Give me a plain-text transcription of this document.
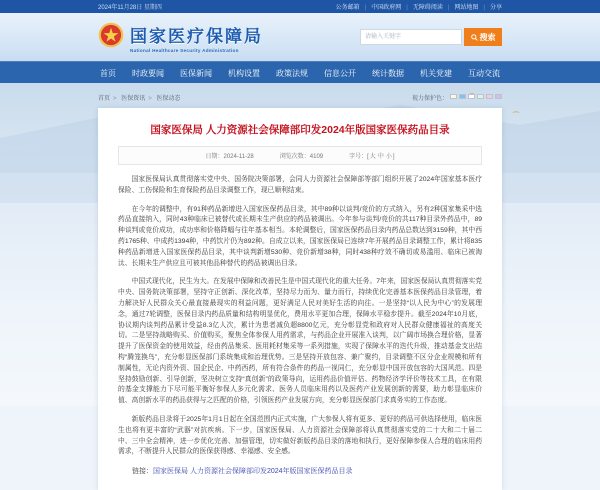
2024年11月28日 星期四	公务邮箱 |	中国政府网 |	无障碍阅读 |	网站地图 |	分享
国家医疗保障局
National Healthcare Security Administration
请输入关键字
搜索
首页 时政要闻 医保新闻 机构设置 政策法规 信息公开 统计数据 机关党建 互动交流
首页 > 医保资讯 > 医保动态	视力保护色：
国家医保局 人力资源社会保障部印发2024年版国家医保药品目录
日期：2024-11-28	浏览次数：4109	字号：[大 中 小]

国家医保局认真贯彻落实党中央、国务院决策部署，会同人力资源社会保障部等部门组织开展了2024年国家基本医疗保险、工伤保险和生育保险药品目录调整工作，现已顺利结束。

在今年的调整中，有91种药品新增进入国家医保药品目录，其中89种以谈判/竞价的方式纳入，另有2种国家集采中选药品直接纳入，同时43种临床已被替代或长期未生产供应的药品被调出。今年参与谈判/竞价的共117种目录外药品中，89种谈判或竞价成功，成功率和价格降幅与往年基本相当。本轮调整后，国家医保药品目录内药品总数达到3159种，其中西药1765种、中成药1394种，中药饮片仍为892种。自成立以来，国家医保局已连续7年开展药品目录调整工作，累计将835种药品新增进入国家医保药品目录，其中谈判新增530种、竞价新增38种，同时438种疗效不确切或易滥用、临床已被淘汰、长期未生产供应且可被其他品种替代的药品被调出目录。

中国式现代化，民生为大。在发展中保障和改善民生是中国式现代化的重大任务。7年来，国家医保局认真贯彻落实党中央、国务院决策部署，坚持守正创新、深化改革，坚持尽力而为、量力而行，持续优化完善基本医保药品目录管理，着力解决好人民群众关心最直接最现实的利益问题，更好满足人民对美好生活的向往。一是坚持“以人民为中心”的发展理念，通过7轮调整，医保目录内药品质量和结构明显优化，费用水平更加合理，保障水平稳步提升。截至2024年10月底，协议期内谈判药品累计受益8.3亿人次，累计为患者减负超8800亿元，充分彰显党和政府对人民群众健康福祉的高度关切。二是坚持战略购买、价值购买，聚焦全体参保人用药需求，与药品企业开展准入谈判，以广阔市场换合理价格，显著提升了医保资金的使用效益，经由药品集采、医用耗材集采等一系列措施，实现了保障水平的迭代升级，推动基金支出结构“腾笼换鸟”，充分彰显医保部门系统集成和治理优势。三是坚持开放包容、兼广聚约，目录调整不区分企业规模和所有制属性，无论内资外资、国企民企、中药西药，所有符合条件的药品一视同仁，充分彰显中国开放包容的大国风范。四是坚持鼓励创新、引导创新，坚决树立支持“真创新”的政策导向，运用药品价值评估、药物经济学评价等技术工具，在有限的基金支撑能力下尽可能平衡好参保人多元化需求、医务人员临床用药以及医药产业发展创新的需要，助力彰显临床价值、高创新水平的药品获得与之匹配的价格，引领医药产业发展方向，充分彰显医保部门求真务实的工作态度。

新版药品目录将于2025年1月1日起在全国范围内正式实施，广大参保人将有更多、更好的药品可供选择使用，临床医生也将有更丰富的“武器”对抗疾病。下一步，国家医保局、人力资源社会保障部将认真贯彻落实党的二十大和二十届二中、三中全会精神，进一步优化完善、加强管理，切实做好新版药品目录的落地和执行，更好保障参保人合理的临床用药需求，不断提升人民群众的医保获得感、幸福感、安全感。

链接：国家医保局 人力资源社会保障部印发2024年版国家医保药品目录
